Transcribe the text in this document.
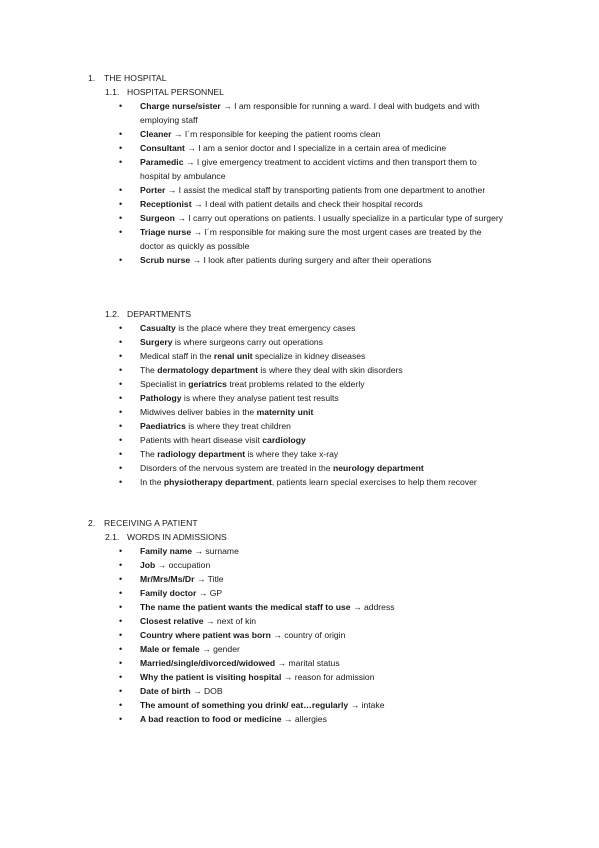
1. THE HOSPITAL
1.1. HOSPITAL PERSONNEL
• Charge nurse/sister → I am responsible for running a ward. I deal with budgets and with employing staff
• Cleaner → I´m responsible for keeping the patient rooms clean
• Consultant → I am a senior doctor and I specialize in a certain area of medicine
• Paramedic → I give emergency treatment to accident victims and then transport them to hospital by ambulance
• Porter → I assist the medical staff by transporting patients from one department to another
• Receptionist → I deal with patient details and check their hospital records
• Surgeon → I carry out operations on patients. I usually specialize in a particular type of surgery
• Triage nurse → I´m responsible for making sure the most urgent cases are treated by the doctor as quickly as possible
• Scrub nurse → I look after patients during surgery and after their operations
1.2. DEPARTMENTS
• Casualty is the place where they treat emergency cases
• Surgery is where surgeons carry out operations
• Medical staff in the renal unit specialize in kidney diseases
• The dermatology department is where they deal with skin disorders
• Specialist in geriatrics treat problems related to the elderly
• Pathology is where they analyse patient test results
• Midwives deliver babies in the maternity unit
• Paediatrics is where they treat children
• Patients with heart disease visit cardiology
• The radiology department is where they take x-ray
• Disorders of the nervous system are treated in the neurology department
• In the physiotherapy department, patients learn special exercises to help them recover
2. RECEIVING A PATIENT
2.1. WORDS IN ADMISSIONS
• Family name → surname
• Job → occupation
• Mr/Mrs/Ms/Dr → Title
• Family doctor → GP
• The name the patient wants the medical staff to use → address
• Closest relative → next of kin
• Country where patient was born → country of origin
• Male or female → gender
• Married/single/divorced/widowed → marital status
• Why the patient is visiting hospital → reason for admission
• Date of birth → DOB
• The amount of something you drink/ eat…regularly → intake
• A bad reaction to food or medicine → allergies
